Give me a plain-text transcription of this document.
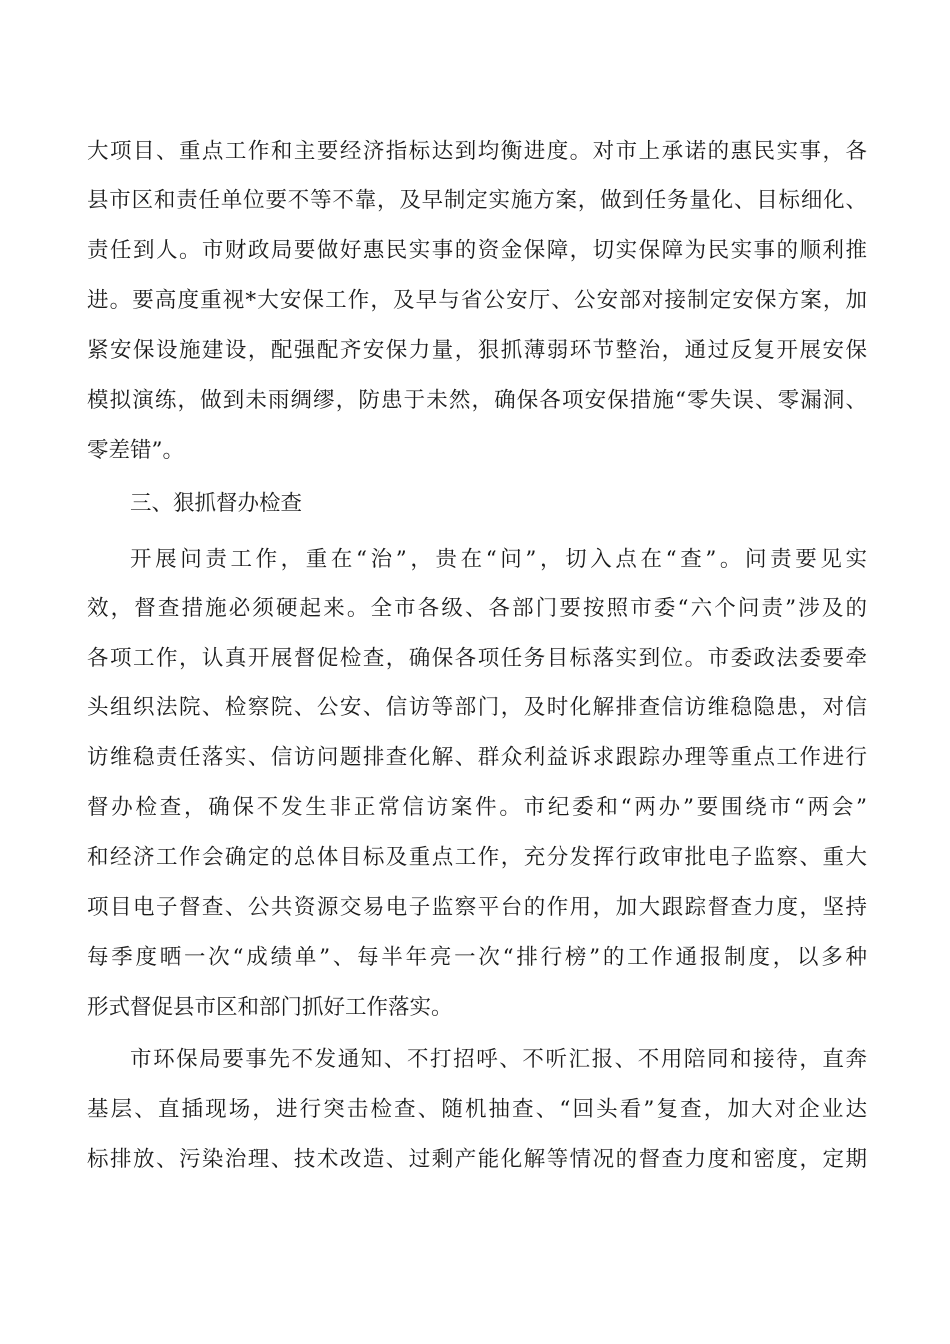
大项目、重点工作和主要经济指标达到均衡进度。对市上承诺的惠民实事，各
县市区和责任单位要不等不靠，及早制定实施方案，做到任务量化、目标细化、
责任到人。市财政局要做好惠民实事的资金保障，切实保障为民实事的顺利推
进。要高度重视*大安保工作，及早与省公安厅、公安部对接制定安保方案，加
紧安保设施建设，配强配齐安保力量，狠抓薄弱环节整治，通过反复开展安保
模拟演练，做到未雨绸缪，防患于未然，确保各项安保措施“零失误、零漏洞、
零差错”。
三、狠抓督办检查
开展问责工作，重在“治”，贵在“问”，切入点在“查”。问责要见实
效，督查措施必须硬起来。全市各级、各部门要按照市委“六个问责”涉及的
各项工作，认真开展督促检查，确保各项任务目标落实到位。市委政法委要牵
头组织法院、检察院、公安、信访等部门，及时化解排查信访维稳隐患，对信
访维稳责任落实、信访问题排查化解、群众利益诉求跟踪办理等重点工作进行
督办检查，确保不发生非正常信访案件。市纪委和“两办”要围绕市“两会”
和经济工作会确定的总体目标及重点工作，充分发挥行政审批电子监察、重大
项目电子督查、公共资源交易电子监察平台的作用，加大跟踪督查力度，坚持
每季度晒一次“成绩单”、每半年亮一次“排行榜”的工作通报制度，以多种
形式督促县市区和部门抓好工作落实。
市环保局要事先不发通知、不打招呼、不听汇报、不用陪同和接待，直奔
基层、直插现场，进行突击检查、随机抽查、“回头看”复查，加大对企业达
标排放、污染治理、技术改造、过剩产能化解等情况的督查力度和密度，定期
